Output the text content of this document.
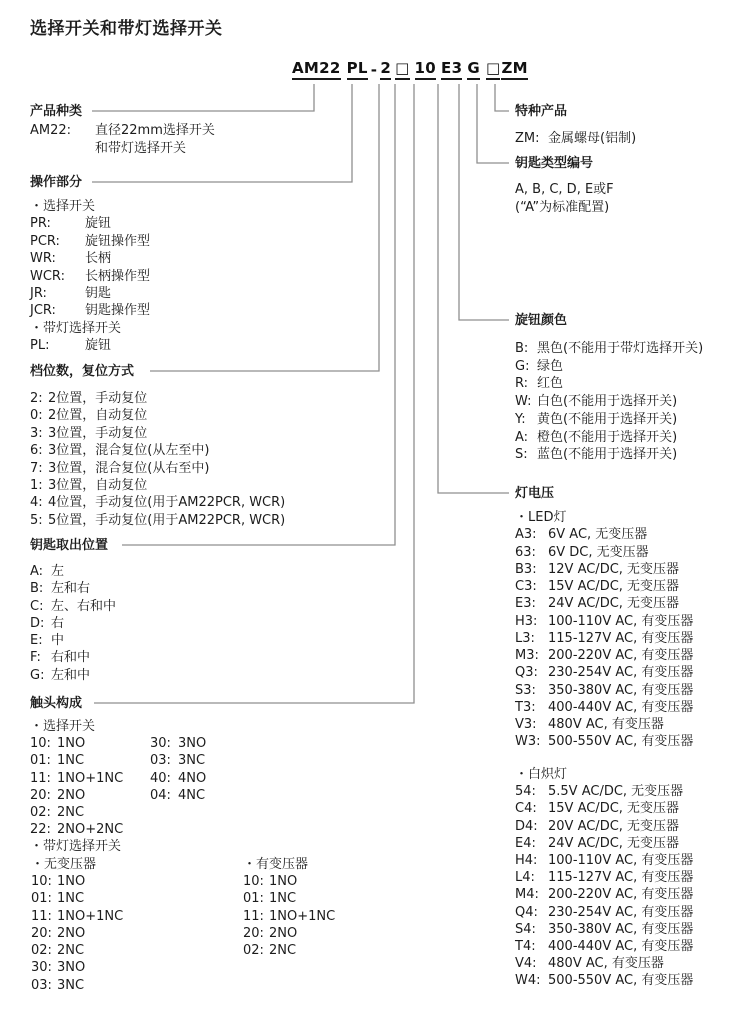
选择开关和带灯选择开关
AM22 PL - 2 □ 10 E3 G □ ZM
产品种类
AM22:	直径22mm选择开关
和带灯选择开关
操作部分
・选择开关
PR:	旋钮
PCR:	旋钮操作型
WR:	长柄
WCR:	长柄操作型
JR:	钥匙
JCR:	钥匙操作型
・带灯选择开关
PL:	旋钮
档位数，复位方式
2: 2位置，手动复位
0: 2位置，自动复位
3: 3位置，手动复位
6: 3位置，混合复位(从左至中)
7: 3位置，混合复位(从右至中)
1: 3位置，自动复位
4: 4位置，手动复位(用于AM22PCR, WCR)
5: 5位置，手动复位(用于AM22PCR, WCR)
钥匙取出位置
A: 左
B: 左和右
C: 左、右和中
D: 右
E: 中
F: 右和中
G: 左和中
触头构成
・选择开关
10: 1NO	30: 3NO
01: 1NC	03: 3NC
11: 1NO+1NC	40: 4NO
20: 2NO	04: 4NC
02: 2NC
22: 2NO+2NC
・带灯选择开关
・无变压器
10: 1NO
01: 1NC
11: 1NO+1NC
20: 2NO
02: 2NC
30: 3NO
03: 3NC
・有变压器
10: 1NO
01: 1NC
11: 1NO+1NC
20: 2NO
02: 2NC
特种产品
ZM: 金属螺母(铝制)
钥匙类型编号
A, B, C, D, E或F
(“A”为标准配置)
旋钮颜色
B: 黑色(不能用于带灯选择开关)
G: 绿色
R: 红色
W: 白色(不能用于选择开关)
Y: 黄色(不能用于选择开关)
A: 橙色(不能用于选择开关)
S: 蓝色(不能用于选择开关)
灯电压
・LED灯
A3: 6V AC, 无变压器
63: 6V DC, 无变压器
B3: 12V AC/DC, 无变压器
C3: 15V AC/DC, 无变压器
E3: 24V AC/DC, 无变压器
H3: 100-110V AC, 有变压器
L3:	115-127V AC, 有变压器
M3: 200-220V AC, 有变压器
Q3: 230-254V AC, 有变压器
S3: 350-380V AC, 有变压器
T3: 400-440V AC, 有变压器
V3: 480V AC, 有变压器
W3: 500-550V AC, 有变压器
・白炽灯
54: 5.5V AC/DC, 无变压器
C4: 15V AC/DC, 无变压器
D4: 20V AC/DC, 无变压器
E4: 24V AC/DC, 无变压器
H4: 100-110V AC, 有变压器
L4:	115-127V AC, 有变压器
M4: 200-220V AC, 有变压器
Q4: 230-254V AC, 有变压器
S4: 350-380V AC, 有变压器
T4: 400-440V AC, 有变压器
V4: 480V AC, 有变压器
W4: 500-550V AC, 有变压器
